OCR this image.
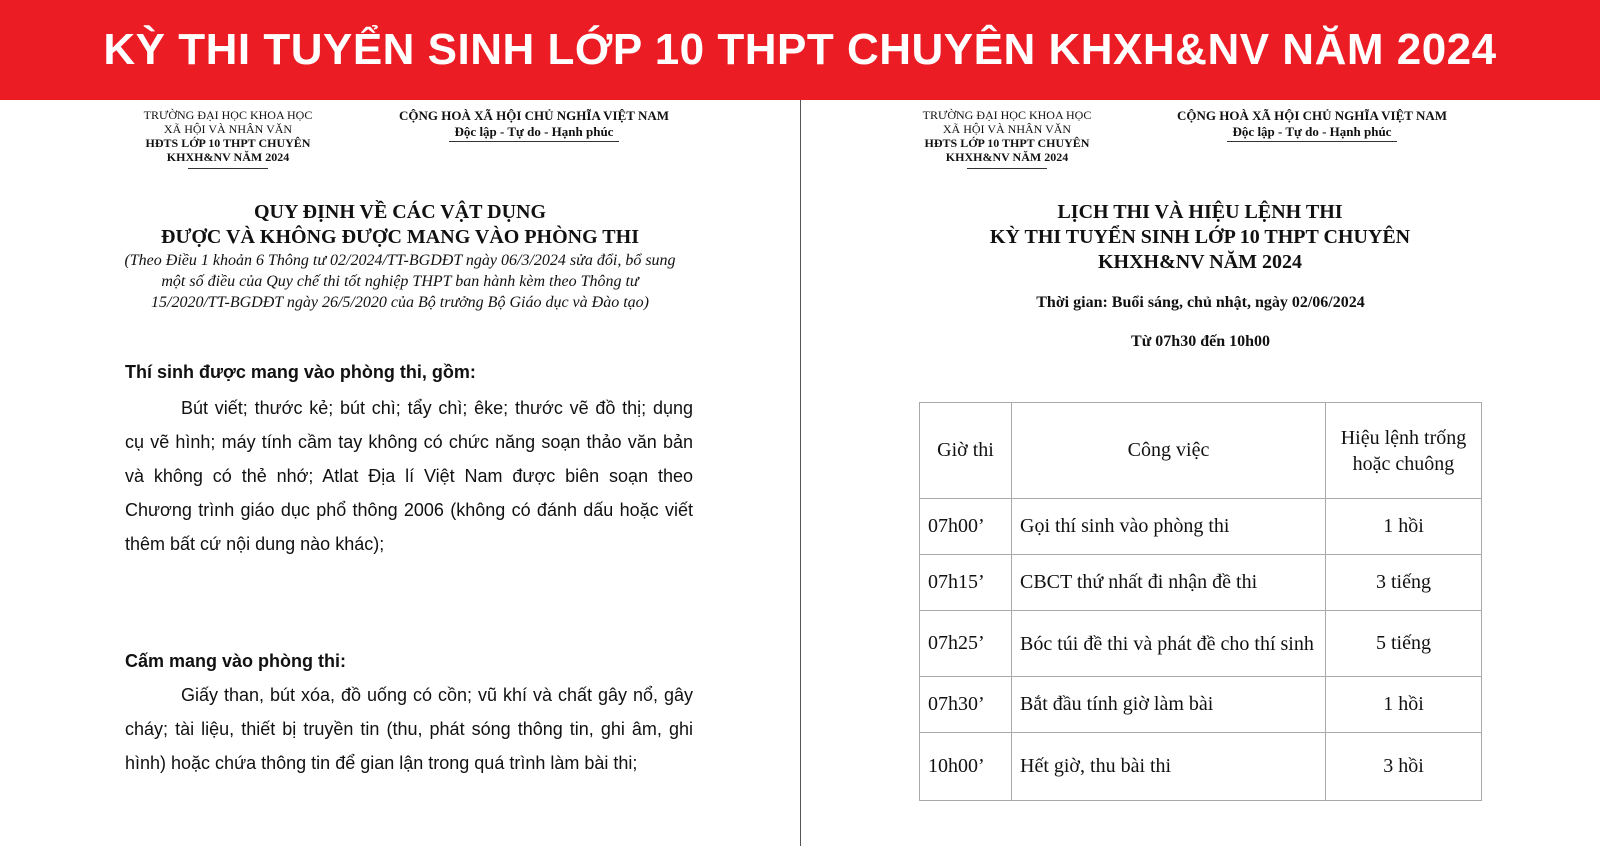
KỲ THI TUYỂN SINH LỚP 10 THPT CHUYÊN KHXH&NV NĂM 2024
TRƯỜNG ĐẠI HỌC KHOA HỌC
XÃ HỘI VÀ NHÂN VĂN
HĐTS LỚP 10 THPT CHUYÊN
KHXH&NV NĂM 2024
CỘNG HOÀ XÃ HỘI CHỦ NGHĨA VIỆT NAM
Độc lập - Tự do - Hạnh phúc
QUY ĐỊNH VỀ CÁC VẬT DỤNG
ĐƯỢC VÀ KHÔNG ĐƯỢC MANG VÀO PHÒNG THI
(Theo Điều 1 khoản 6 Thông tư 02/2024/TT-BGDĐT ngày 06/3/2024 sửa đổi, bổ sung một số điều của Quy chế thi tốt nghiệp THPT ban hành kèm theo Thông tư 15/2020/TT-BGDĐT ngày 26/5/2020 của Bộ trưởng Bộ Giáo dục và Đào tạo)
Thí sinh được mang vào phòng thi, gồm:
Bút viết; thước kẻ; bút chì; tẩy chì; êke; thước vẽ đồ thị; dụng cụ vẽ hình; máy tính cầm tay không có chức năng soạn thảo văn bản và không có thẻ nhớ; Atlat Địa lí Việt Nam được biên soạn theo Chương trình giáo dục phổ thông 2006 (không có đánh dấu hoặc viết thêm bất cứ nội dung nào khác);
Cấm mang vào phòng thi:
Giấy than, bút xóa, đồ uống có cồn; vũ khí và chất gây nổ, gây cháy; tài liệu, thiết bị truyền tin (thu, phát sóng thông tin, ghi âm, ghi hình) hoặc chứa thông tin để gian lận trong quá trình làm bài thi;
TRƯỜNG ĐẠI HỌC KHOA HỌC
XÃ HỘI VÀ NHÂN VĂN
HĐTS LỚP 10 THPT CHUYÊN
KHXH&NV NĂM 2024
CỘNG HOÀ XÃ HỘI CHỦ NGHĨA VIỆT NAM
Độc lập - Tự do - Hạnh phúc
LỊCH THI VÀ HIỆU LỆNH THI
KỲ THI TUYỂN SINH LỚP 10 THPT CHUYÊN
KHXH&NV NĂM 2024
Thời gian: Buổi sáng, chủ nhật, ngày 02/06/2024
Từ 07h30 đến 10h00
Giờ thi	Công việc	Hiệu lệnh trống hoặc chuông
07h00’	Gọi thí sinh vào phòng thi	1 hồi
07h15’	CBCT thứ nhất đi nhận đề thi	3 tiếng
07h25’	Bóc túi đề thi và phát đề cho thí sinh	5 tiếng
07h30’	Bắt đầu tính giờ làm bài	1 hồi
10h00’	Hết giờ, thu bài thi	3 hồi
